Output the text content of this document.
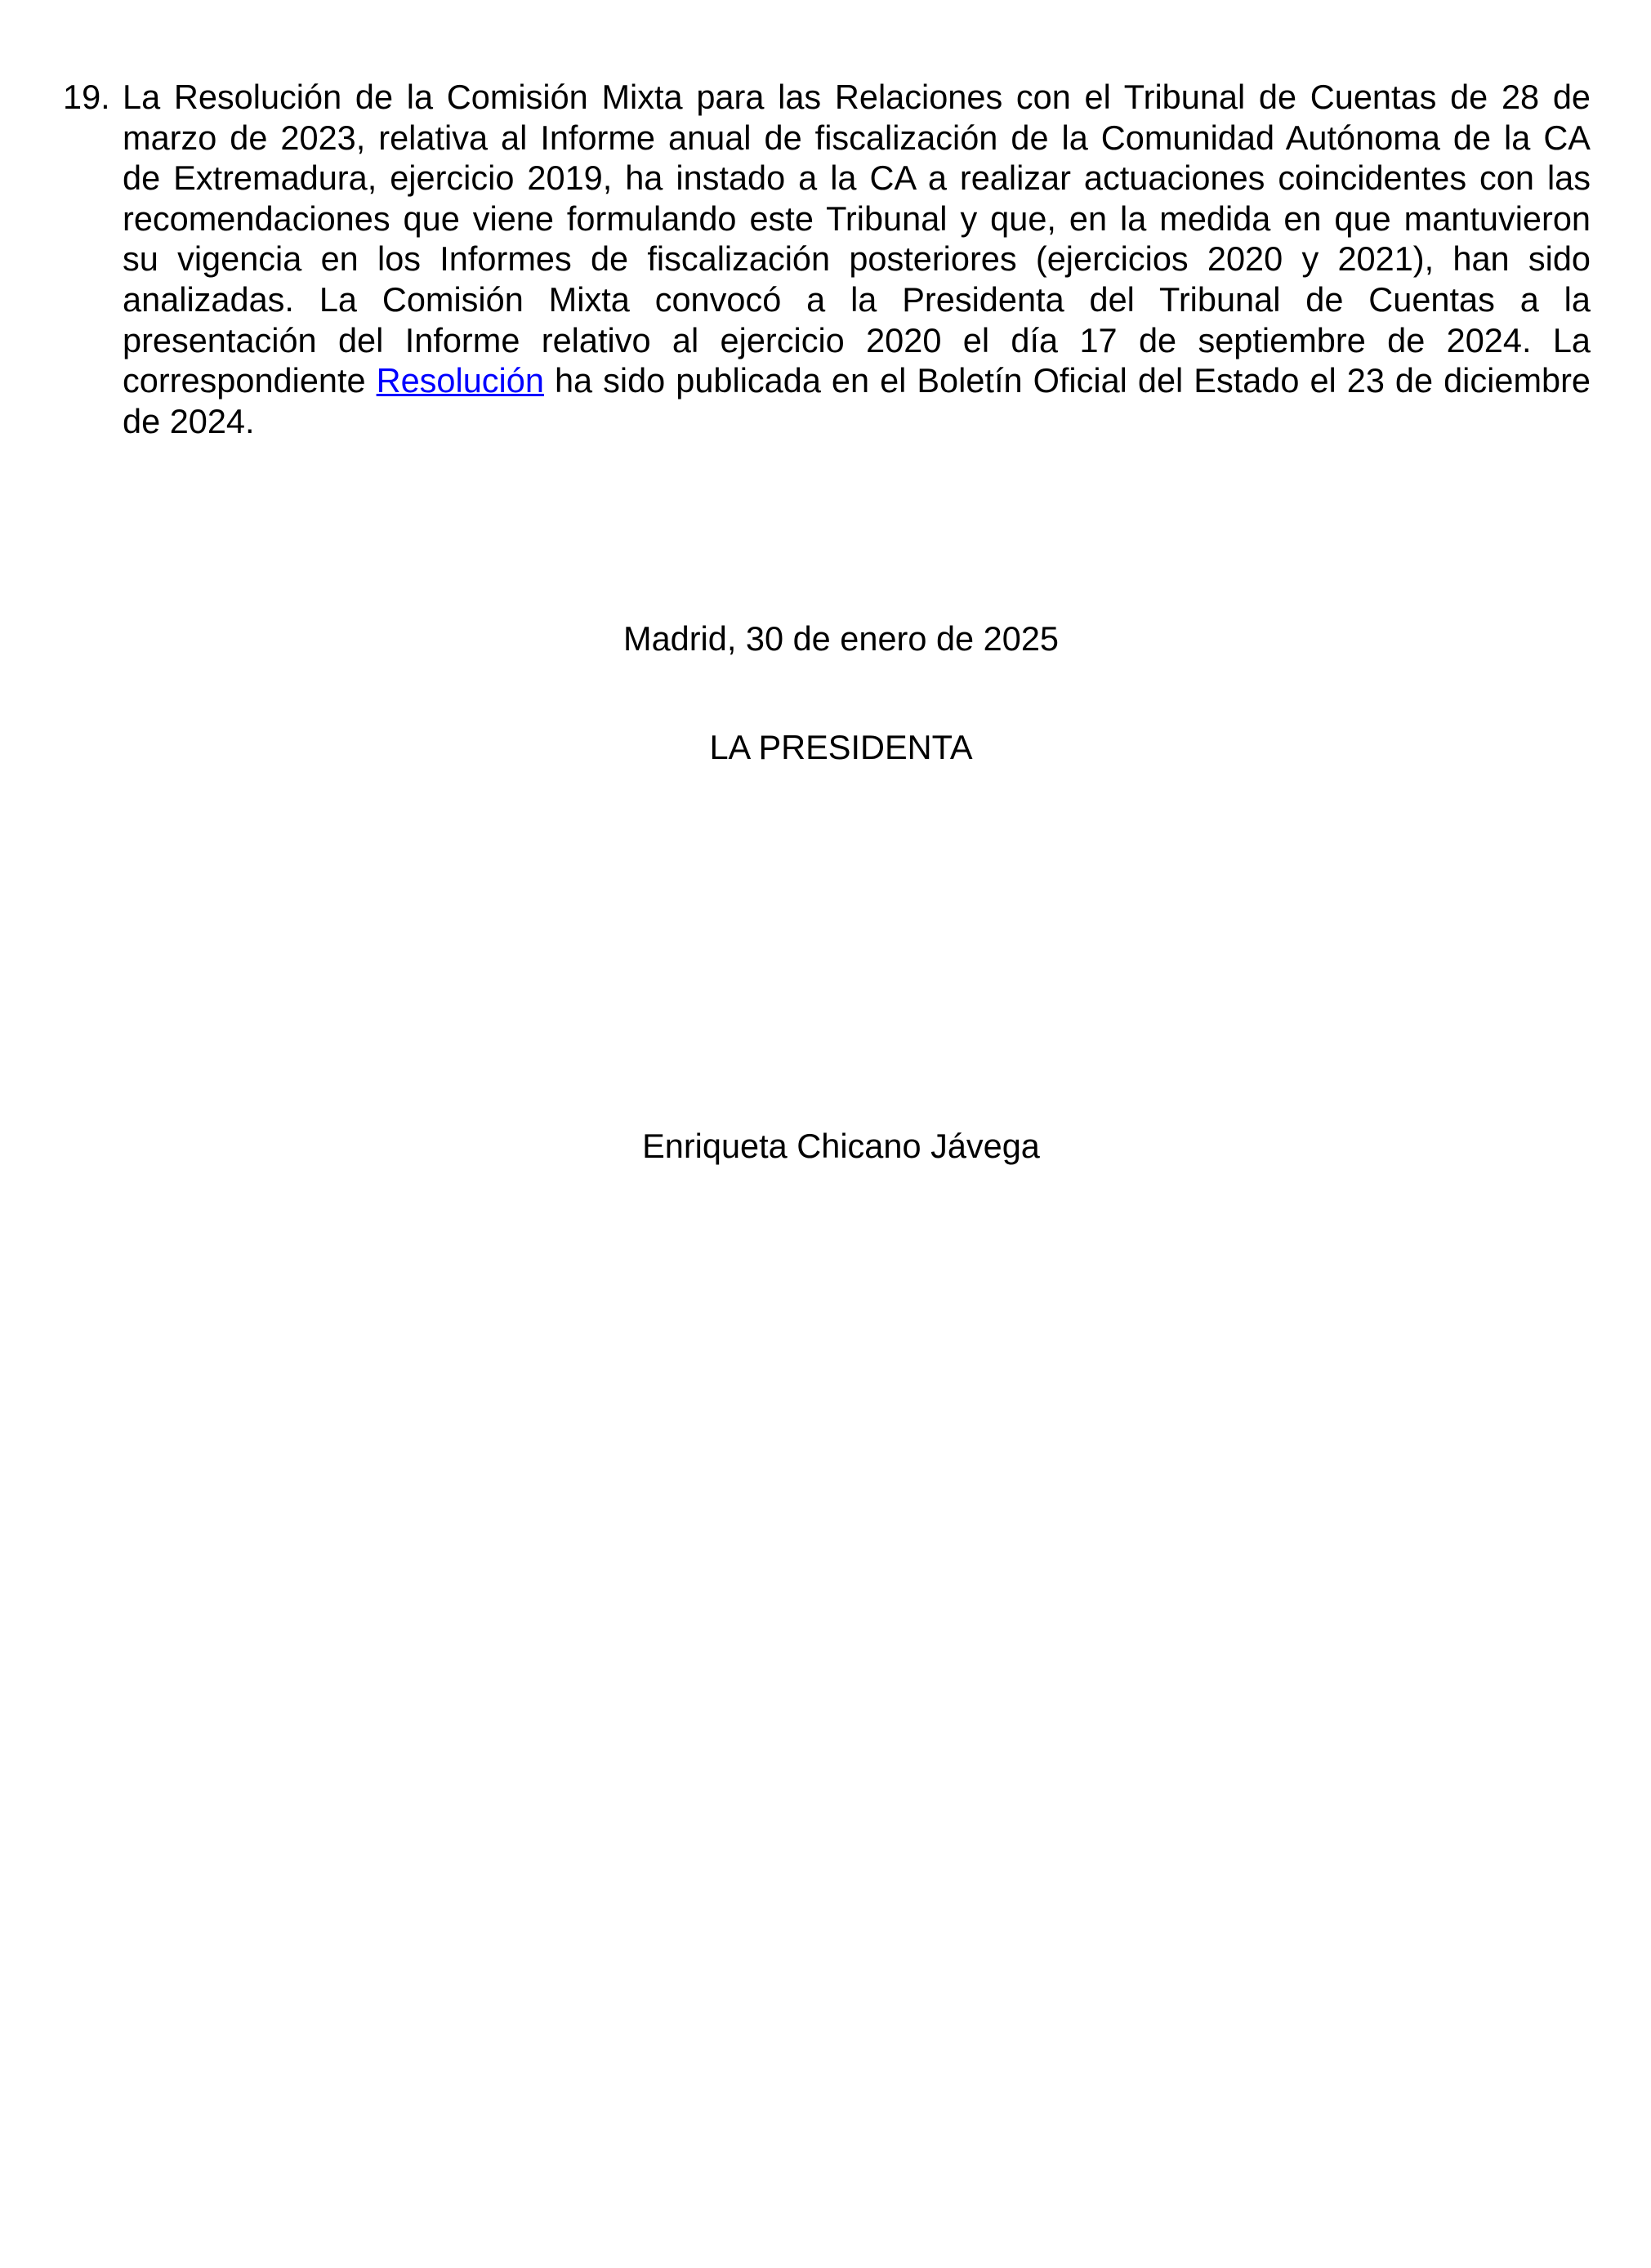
19. La Resolución de la Comisión Mixta para las Relaciones con el Tribunal de Cuentas de 28 de
marzo de 2023, relativa al Informe anual de fiscalización de la Comunidad Autónoma de la CA
de Extremadura, ejercicio 2019, ha instado a la CA a realizar actuaciones coincidentes con las
recomendaciones que viene formulando este Tribunal y que, en la medida en que mantuvieron
su vigencia en los Informes de fiscalización posteriores (ejercicios 2020 y 2021), han sido
analizadas. La Comisión Mixta convocó a la Presidenta del Tribunal de Cuentas a la
presentación del Informe relativo al ejercicio 2020 el día 17 de septiembre de 2024. La
correspondiente Resolución ha sido publicada en el Boletín Oficial del Estado el 23 de diciembre
de 2024.
Madrid, 30 de enero de 2025
LA PRESIDENTA
Enriqueta Chicano Jávega
